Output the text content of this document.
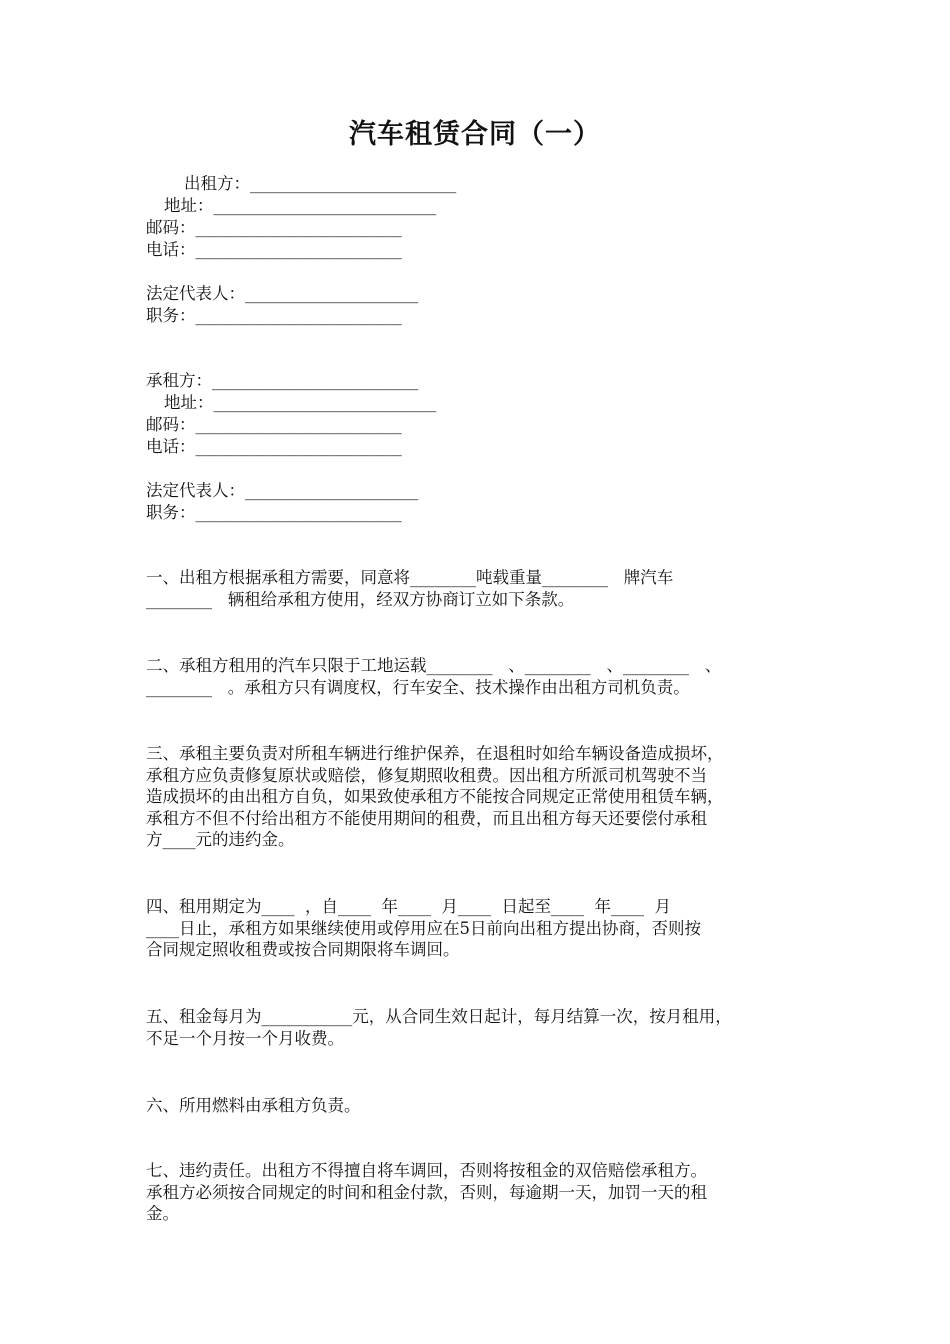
汽车租赁合同（一）
出租方：_________________________
地址：___________________________
邮码：_________________________
电话：_________________________
法定代表人：_____________________
职务：_________________________
承租方：_________________________
地址：___________________________
邮码：_________________________
电话：_________________________
法定代表人：_____________________
职务：_________________________

一、出租方根据承租方需要，同意将________吨载重量________   牌汽车

________   辆租给承租方使用，经双方协商订立如下条款。

二、承租方租用的汽车只限于工地运载________   、________   、________   、

________   。承租方只有调度权，行车安全、技术操作由出租方司机负责。

三、承租主要负责对所租车辆进行维护保养，在退租时如给车辆设备造成损坏，

承租方应负责修复原状或赔偿，修复期照收租费。因出租方所派司机驾驶不当

造成损坏的由出租方自负，如果致使承租方不能按合同规定正常使用租赁车辆，

承租方不但不付给出租方不能使用期间的租费，而且出租方每天还要偿付承租

方____元的违约金。

四、租用期定为____  ，自____  年____  月____  日起至____  年____  月

____日止，承租方如果继续使用或停用应在5日前向出租方提出协商，否则按

合同规定照收租费或按合同期限将车调回。

五、租金每月为___________元，从合同生效日起计，每月结算一次，按月租用，

不足一个月按一个月收费。

六、所用燃料由承租方负责。

七、违约责任。出租方不得擅自将车调回，否则将按租金的双倍赔偿承租方。

承租方必须按合同规定的时间和租金付款，否则，每逾期一天，加罚一天的租

金。
